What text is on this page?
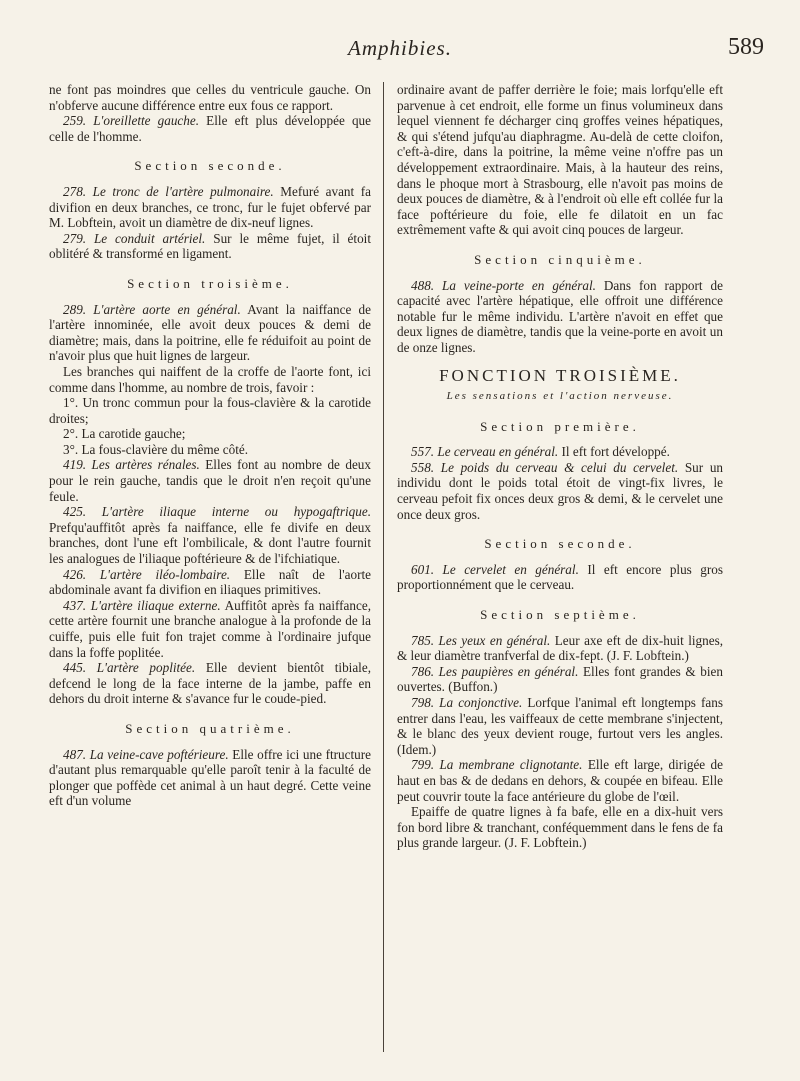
Amphibies.	589

ne font pas moindres que celles du ventricule gauche. On n'obferve aucune différence entre eux fous ce rapport.

259. L'oreillette gauche. Elle eft plus développée que celle de l'homme.

Section seconde.

278. Le tronc de l'artère pulmonaire. Mefuré avant fa divifion en deux branches, ce tronc, fur le fujet obfervé par M. Lobftein, avoit un diamètre de dix-neuf lignes.

279. Le conduit artériel. Sur le même fujet, il étoit oblitéré & transformé en ligament.

Section troisième.

289. L'artère aorte en général. Avant la naiffance de l'artère innominée, elle avoit deux pouces & demi de diamètre; mais, dans la poitrine, elle fe réduifoit au point de n'avoir plus que huit lignes de largeur.

Les branches qui naiffent de la croffe de l'aorte font, ici comme dans l'homme, au nombre de trois, favoir :

1°. Un tronc commun pour la fous-clavière & la carotide droites;

2°. La carotide gauche;

3°. La fous-clavière du même côté.

419. Les artères rénales. Elles font au nombre de deux pour le rein gauche, tandis que le droit n'en reçoit qu'une feule.

425. L'artère iliaque interne ou hypogaftrique. Prefqu'auffitôt après fa naiffance, elle fe divife en deux branches, dont l'une eft l'ombilicale, & dont l'autre fournit les analogues de l'iliaque poftérieure & de l'ifchiatique.

426. L'artère iléo-lombaire. Elle naît de l'aorte abdominale avant fa divifion en iliaques primitives.

437. L'artère iliaque externe. Auffitôt après fa naiffance, cette artère fournit une branche analogue à la profonde de la cuiffe, puis elle fuit fon trajet comme à l'ordinaire jufque dans la foffe poplitée.

445. L'artère poplitée. Elle devient bientôt tibiale, defcend le long de la face interne de la jambe, paffe en dehors du droit interne & s'avance fur le coude-pied.

Section quatrième.

487. La veine-cave poftérieure. Elle offre ici une ftructure d'autant plus remarquable qu'elle paroît tenir à la faculté de plonger que poffède cet animal à un haut degré. Cette veine eft d'un volume

ordinaire avant de paffer derrière le foie; mais lorfqu'elle eft parvenue à cet endroit, elle forme un finus volumineux dans lequel viennent fe décharger cinq groffes veines hépatiques, & qui s'étend jufqu'au diaphragme. Au-delà de cette cloifon, c'eft-à-dire, dans la poitrine, la même veine n'offre pas un développement extraordinaire. Mais, à la hauteur des reins, dans le phoque mort à Strasbourg, elle n'avoit pas moins de deux pouces de diamètre, & à l'endroit où elle eft collée fur la face poftérieure du foie, elle fe dilatoit en un fac extrêmement vafte & qui avoit cinq pouces de largeur.

Section cinquième.

488. La veine-porte en général. Dans fon rapport de capacité avec l'artère hépatique, elle offroit une différence notable fur le même individu. L'artère n'avoit en effet que deux lignes de diamètre, tandis que la veine-porte en avoit un de onze lignes.

FONCTION TROISIÈME.
Les sensations et l'action nerveuse.
Section première.

557. Le cerveau en général. Il eft fort développé.

558. Le poids du cerveau & celui du cervelet. Sur un individu dont le poids total étoit de vingt-fix livres, le cerveau pefoit fix onces deux gros & demi, & le cervelet une once deux gros.

Section seconde.

601. Le cervelet en général. Il eft encore plus gros proportionnément que le cerveau.

Section septième.

785. Les yeux en général. Leur axe eft de dix-huit lignes, & leur diamètre tranfverfal de dix-fept. (J. F. Lobftein.)

786. Les paupières en général. Elles font grandes & bien ouvertes. (Buffon.)

798. La conjonctive. Lorfque l'animal eft longtemps fans entrer dans l'eau, les vaiffeaux de cette membrane s'injectent, & le blanc des yeux devient rouge, furtout vers les angles. (Idem.)

799. La membrane clignotante. Elle eft large, dirigée de haut en bas & de dedans en dehors, & coupée en bifeau. Elle peut couvrir toute la face antérieure du globe de l'œil.

Epaiffe de quatre lignes à fa bafe, elle en a dix-huit vers fon bord libre & tranchant, conféquemment dans le fens de fa plus grande largeur. (J. F. Lobftein.)
